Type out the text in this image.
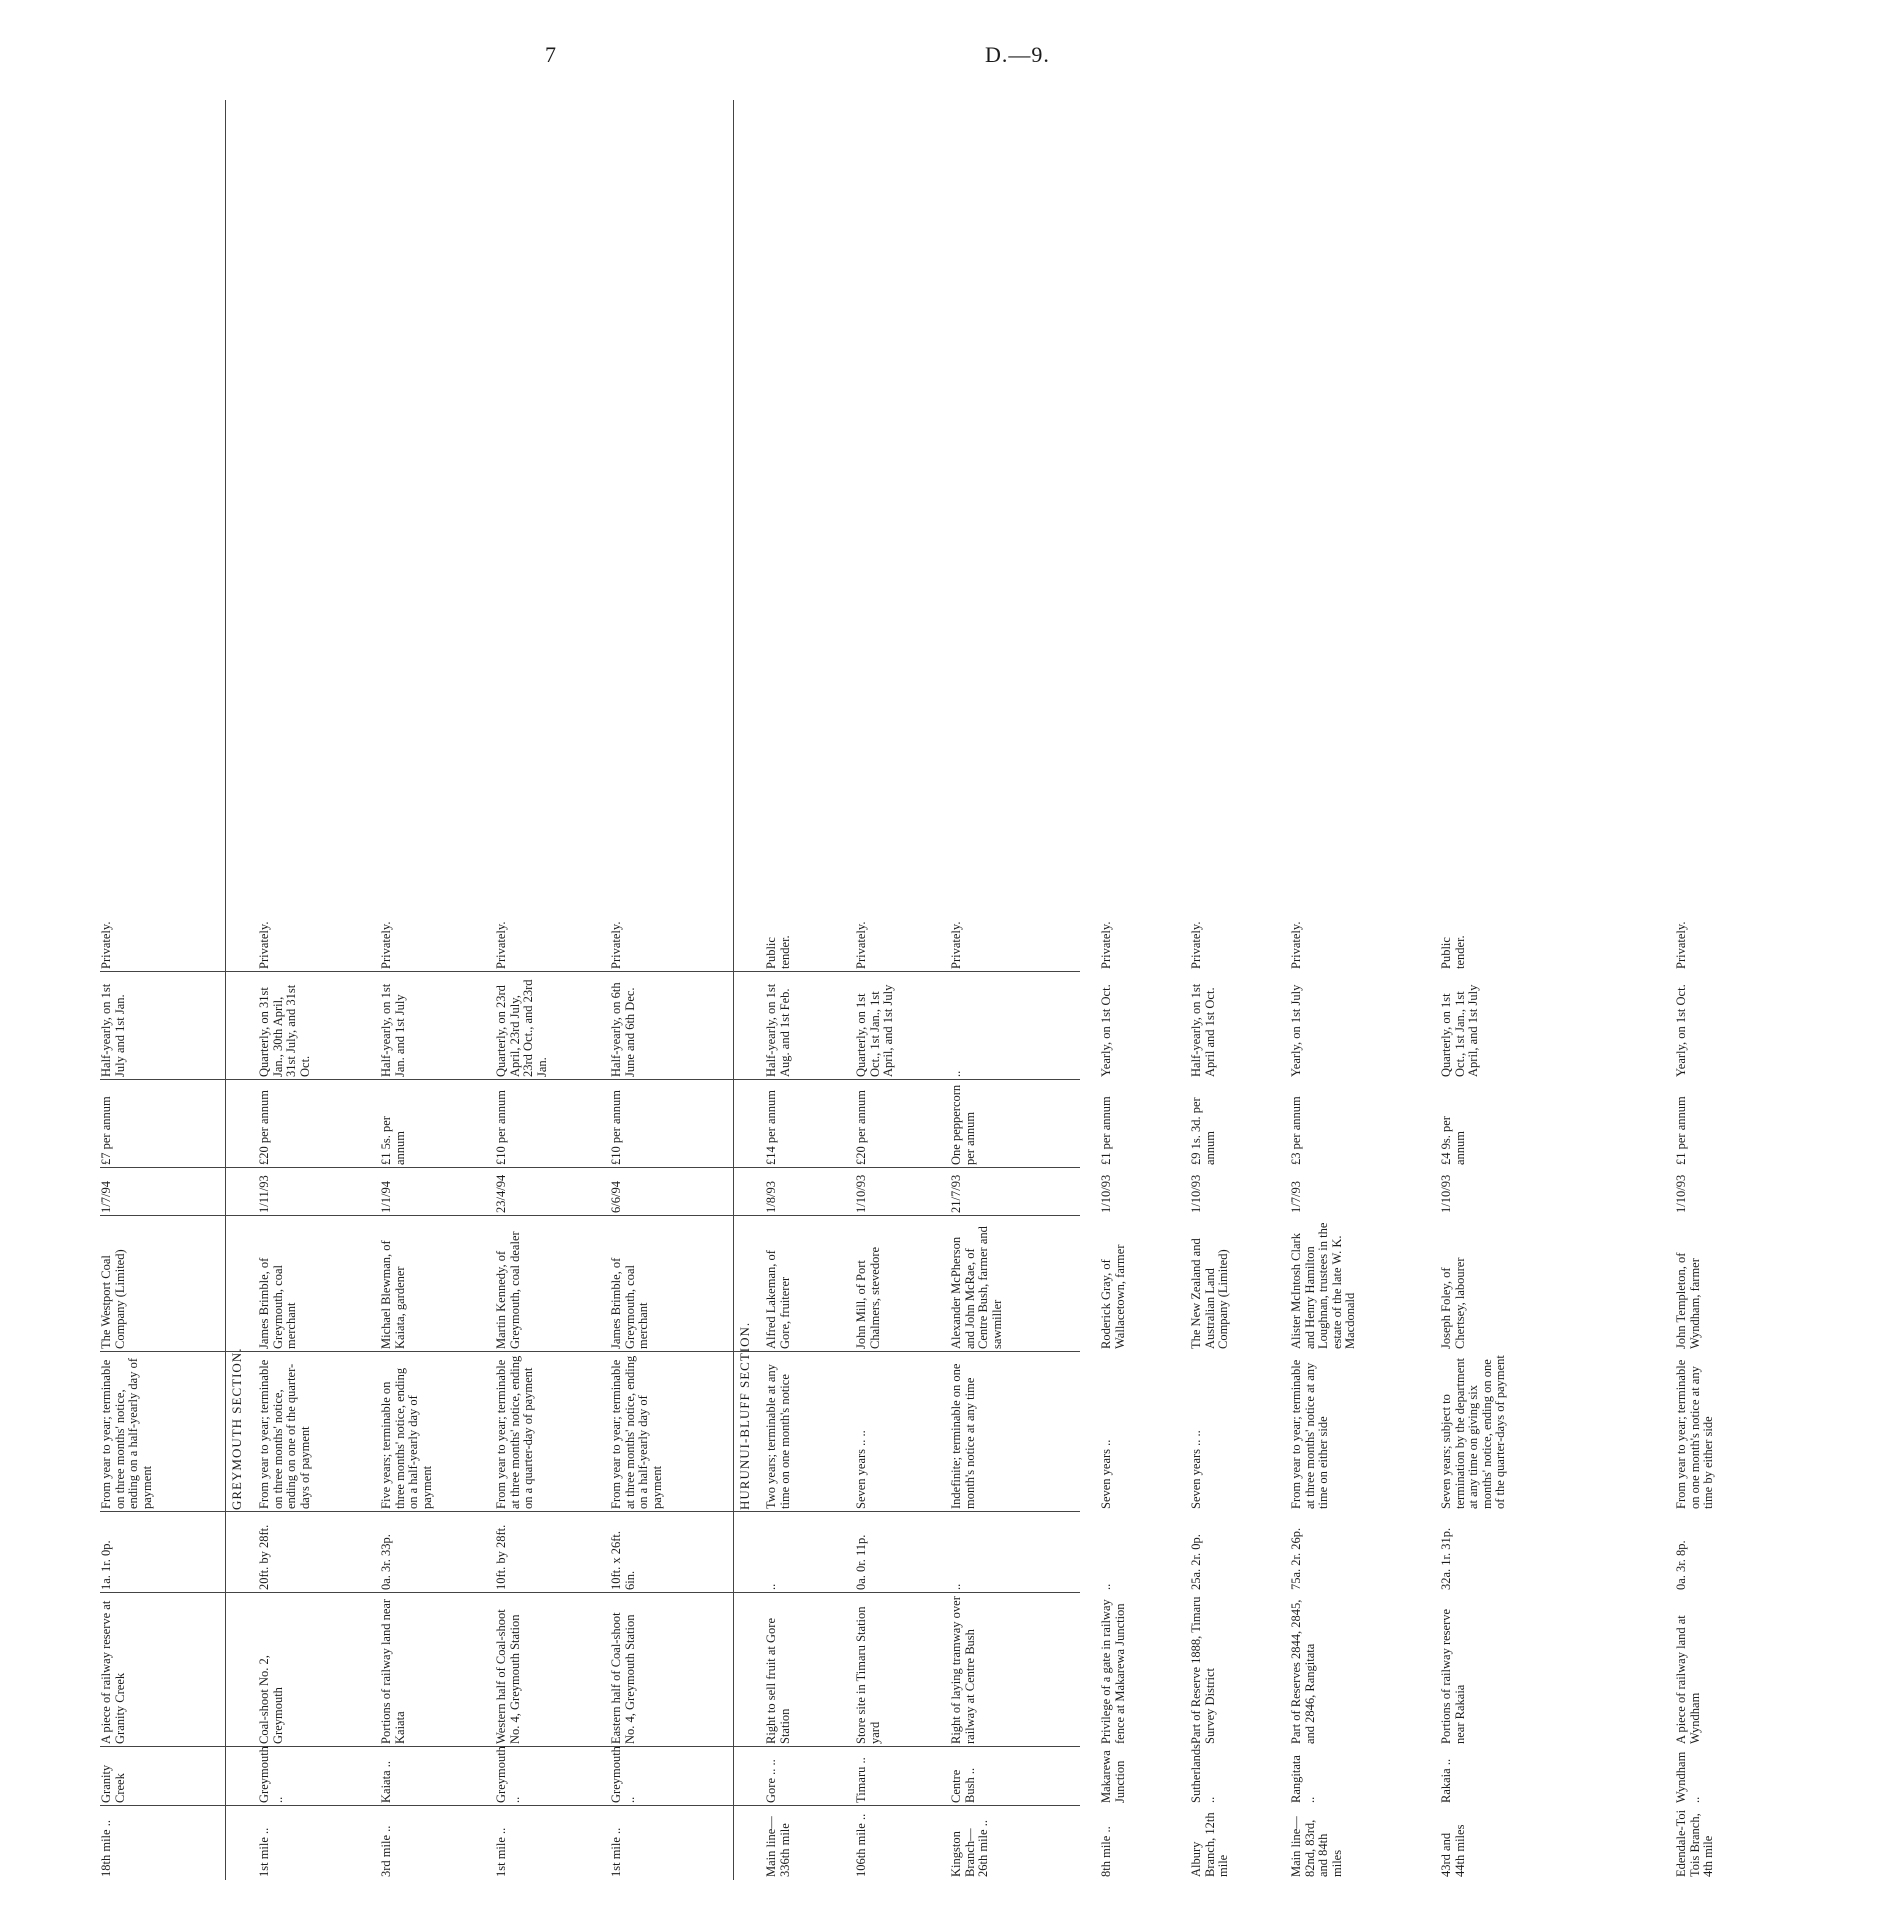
7	D.—9.
18th mile ..
Granity Creek
A piece of railway reserve at Granity Creek
1a. 1r. 0p.
From year to year; terminable on three months' notice, ending on a half-yearly day of payment
The Westport Coal Company (Limited)
1/7/94
£7 per annum
Half-yearly, on 1st July and 1st Jan.
Privately.
GREYMOUTH SECTION.
1st mile ..
Greymouth ..
Coal-shoot No. 2, Greymouth
20ft. by 28ft.
From year to year; terminable on three months' notice, ending on one of the quarter-days of payment
James Brimble, of Greymouth, coal merchant
1/11/93
£20 per annum
Quarterly, on 31st Jan., 30th April, 31st July, and 31st Oct.
Privately.
3rd mile ..
Kaiata ..
Portions of railway land near Kaiata
0a. 3r. 33p.
Five years; terminable on three months' notice, ending on a half-yearly day of payment
Michael Blewman, of Kaiata, gardener
1/1/94
£1 5s. per annum
Half-yearly, on 1st Jan. and 1st July
Privately.
1st mile ..
Greymouth ..
Western half of Coal-shoot No. 4, Greymouth Station
10ft. by 28ft.
From year to year; terminable at three months' notice, ending on a quarter-day of payment
Martin Kennedy, of Greymouth, coal dealer
23/4/94
£10 per annum
Quarterly, on 23rd April, 23rd July, 23rd Oct., and 23rd Jan.
Privately.
1st mile ..
Greymouth ..
Eastern half of Coal-shoot No. 4, Greymouth Station
10ft. x 26ft. 6in.
From year to year; terminable at three months' notice, ending on a half-yearly day of payment
James Brimble, of Greymouth, coal merchant
6/6/94
£10 per annum
Half-yearly, on 6th June and 6th Dec.
Privately.
HURUNUI-BLUFF SECTION.
Main line— 336th mile
Gore .. ..
Right to sell fruit at Gore Station
..
Two years; terminable at any time on one month's notice
Alfred Lakeman, of Gore, fruiterer
1/8/93
£14 per annum
Half-yearly, on 1st Aug. and 1st Feb.
Public tender.
106th mile ..
Timaru ..
Store site in Timaru Station yard
0a. 0r. 11p.
Seven years .. ..
John Mill, of Port Chalmers, stevedore
1/10/93
£20 per annum
Quarterly, on 1st Oct., 1st Jan., 1st April, and 1st July
Privately.
Kingston Branch— 26th mile ..
Centre Bush ..
Right of laying tramway over railway at Centre Bush
..
Indefinite; terminable on one month's notice at any time
Alexander McPherson and John McRae, of Centre Bush, farmer and sawmiller
21/7/93
One peppercorn per annum
..
Privately.
8th mile ..
Makarewa Junction
Privilege of a gate in railway fence at Makarewa Junction
..
Seven years ..
Roderick Gray, of Wallacetown, farmer
1/10/93
£1 per annum
Yearly, on 1st Oct.
Privately.
Albury Branch, 12th mile
Sutherlands ..
Part of Reserve 1888, Timaru Survey District
25a. 2r. 0p.
Seven years .. ..
The New Zealand and Australian Land Company (Limited)
1/10/93
£9 1s. 3d. per annum
Half-yearly, on 1st April and 1st Oct.
Privately.
Main line— 82nd, 83rd, and 84th miles
Rangitata ..
Part of Reserves 2844, 2845, and 2846, Rangitata
75a. 2r. 26p.
From year to year; terminable at three months' notice at any time on either side
Alister McIntosh Clark and Henry Hamilton Loughnan, trustees in the estate of the late W. K. Macdonald
1/7/93
£3 per annum
Yearly, on 1st July
Privately.
43rd and 44th miles
Rakaia ..
Portions of railway reserve near Rakaia
32a. 1r. 31p.
Seven years; subject to termination by the department at any time on giving six months' notice, ending on one of the quarter-days of payment
Joseph Foley, of Chertsey, labourer
1/10/93
£4 9s. per annum
Quarterly, on 1st Oct., 1st Jan., 1st April, and 1st July
Public tender.
Edendale-Toi Tois Branch, 4th mile
Wyndham ..
A piece of railway land at Wyndham
0a. 3r. 8p.
From year to year; terminable on one month's notice at any time by either side
John Templeton, of Wyndham, farmer
1/10/93
£1 per annum
Yearly, on 1st Oct.
Privately.
